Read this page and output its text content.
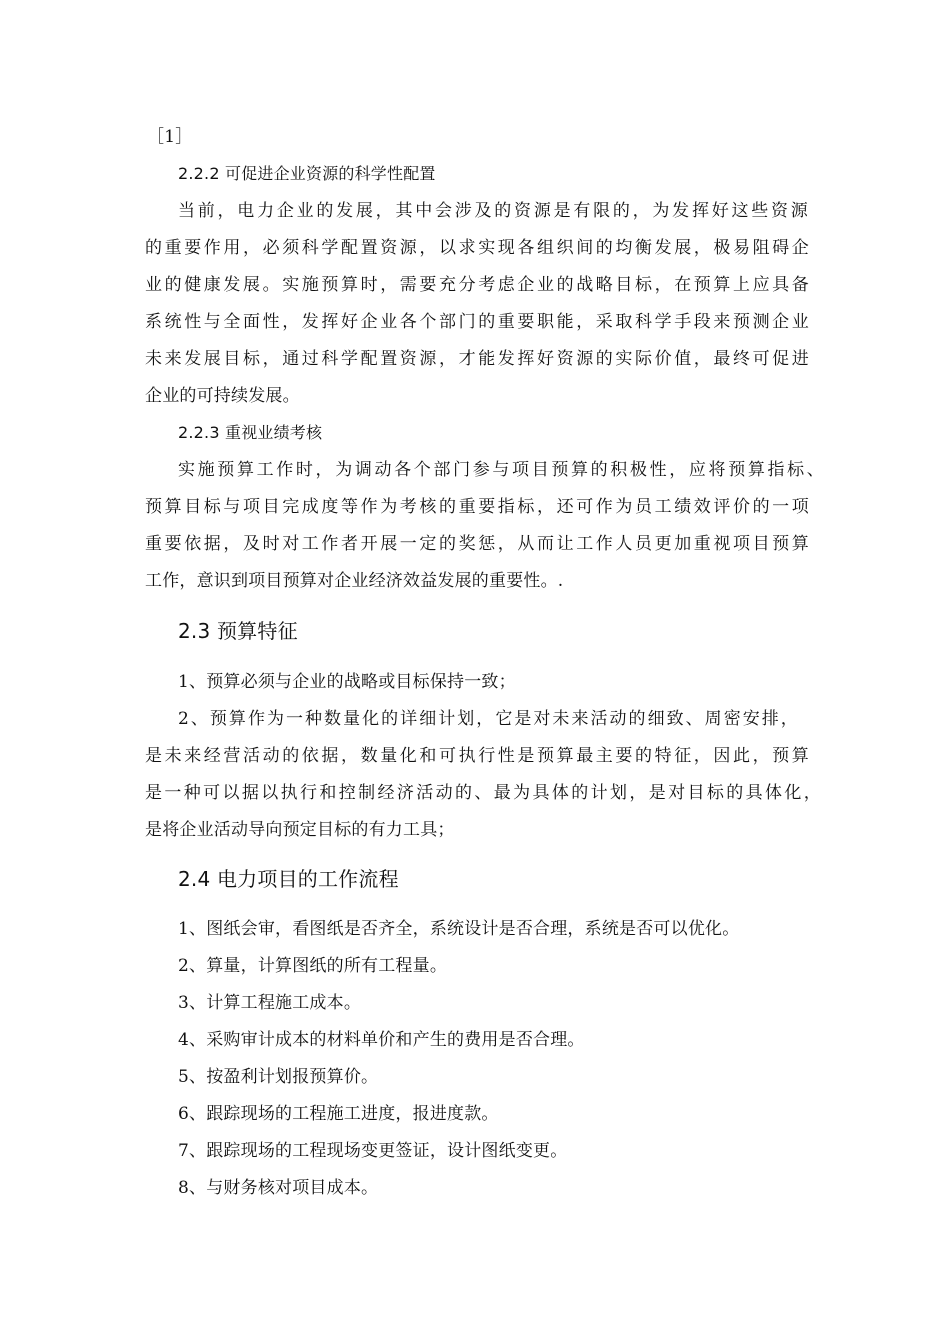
［1］
2.2.2 可促进企业资源的科学性配置
当前，电力企业的发展，其中会涉及的资源是有限的，为发挥好这些资源
的重要作用，必须科学配置资源，以求实现各组织间的均衡发展，极易阻碍企
业的健康发展。实施预算时，需要充分考虑企业的战略目标，在预算上应具备
系统性与全面性，发挥好企业各个部门的重要职能，采取科学手段来预测企业
未来发展目标，通过科学配置资源，才能发挥好资源的实际价值，最终可促进
企业的可持续发展。
2.2.3 重视业绩考核
实施预算工作时，为调动各个部门参与项目预算的积极性，应将预算指标、
预算目标与项目完成度等作为考核的重要指标，还可作为员工绩效评价的一项
重要依据，及时对工作者开展一定的奖惩，从而让工作人员更加重视项目预算
工作，意识到项目预算对企业经济效益发展的重要性。.
2.3 预算特征
1、预算必须与企业的战略或目标保持一致；
2、预算作为一种数量化的详细计划，它是对未来活动的细致、周密安排，
是未来经营活动的依据，数量化和可执行性是预算最主要的特征，因此，预算
是一种可以据以执行和控制经济活动的、最为具体的计划，是对目标的具体化，
是将企业活动导向预定目标的有力工具；
2.4 电力项目的工作流程
1、图纸会审，看图纸是否齐全，系统设计是否合理，系统是否可以优化。
2、算量，计算图纸的所有工程量。
3、计算工程施工成本。
4、采购审计成本的材料单价和产生的费用是否合理。
5、按盈利计划报预算价。
6、跟踪现场的工程施工进度，报进度款。
7、跟踪现场的工程现场变更签证，设计图纸变更。
8、与财务核对项目成本。
